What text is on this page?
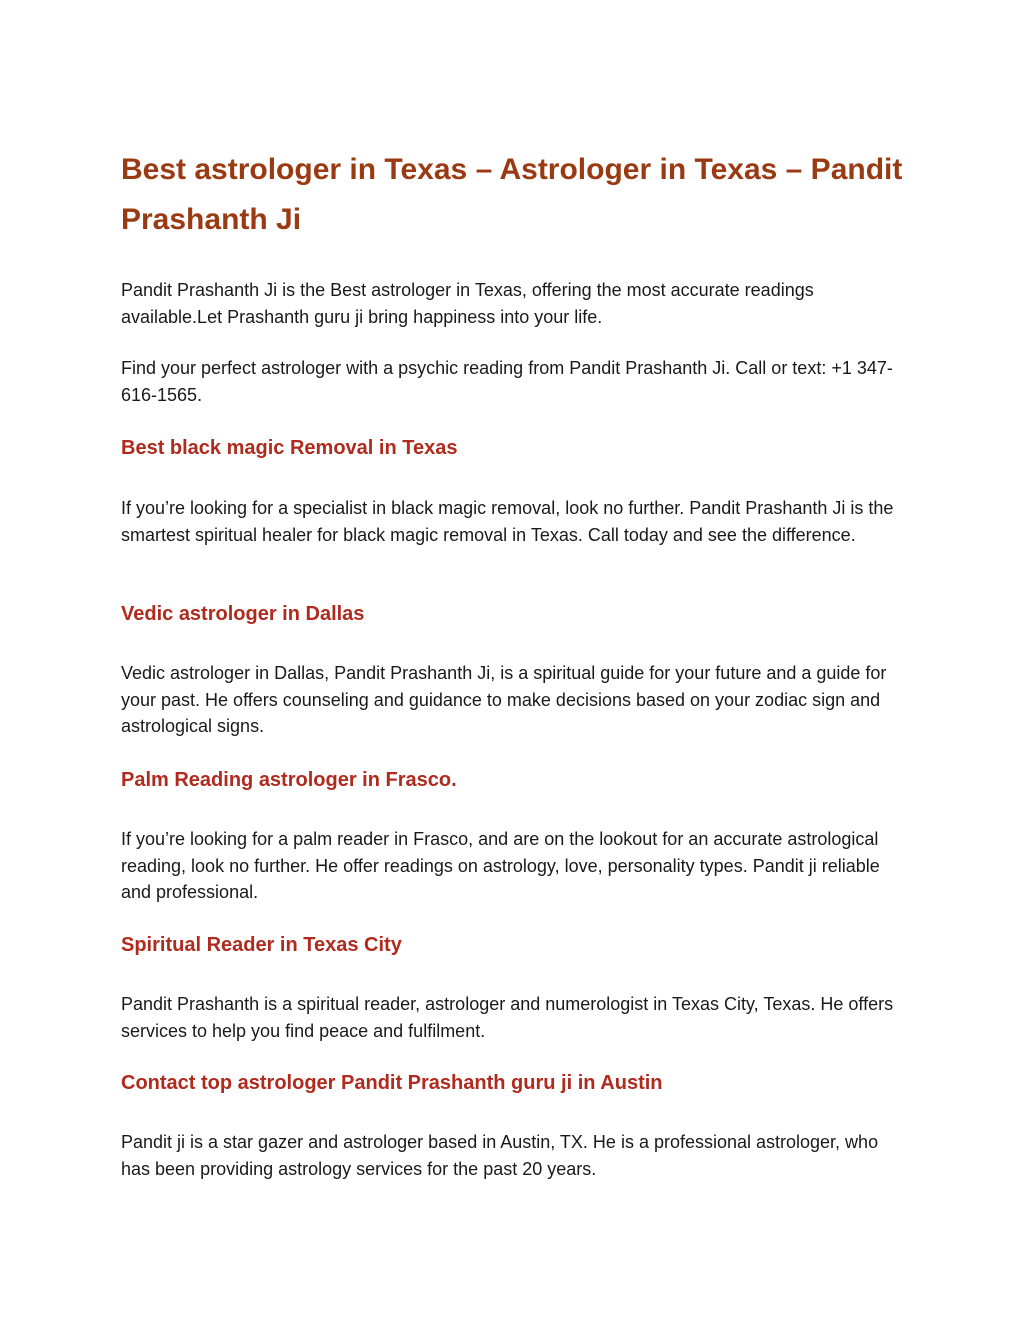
Best astrologer in Texas – Astrologer in Texas – Pandit Prashanth Ji

Pandit Prashanth Ji is the Best astrologer in Texas, offering the most accurate readings available.Let Prashanth guru ji bring happiness into your life.

Find your perfect astrologer with a psychic reading from Pandit Prashanth Ji. Call or text: +1 347-616-1565.

Best black magic Removal in Texas

If you’re looking for a specialist in black magic removal, look no further. Pandit Prashanth Ji is the smartest spiritual healer for black magic removal in Texas. Call today and see the difference.

Vedic astrologer in Dallas

Vedic astrologer in Dallas, Pandit Prashanth Ji, is a spiritual guide for your future and a guide for your past. He offers counseling and guidance to make decisions based on your zodiac sign and astrological signs.

Palm Reading astrologer in Frasco.

If you’re looking for a palm reader in Frasco, and are on the lookout for an accurate astrological reading, look no further. He offer readings on astrology, love, personality types. Pandit ji reliable and professional.

Spiritual Reader in Texas City

Pandit Prashanth is a spiritual reader, astrologer and numerologist in Texas City, Texas. He offers services to help you find peace and fulfilment.

Contact top astrologer Pandit Prashanth guru ji in Austin

Pandit ji is a star gazer and astrologer based in Austin, TX. He is a professional astrologer, who has been providing astrology services for the past 20 years.
